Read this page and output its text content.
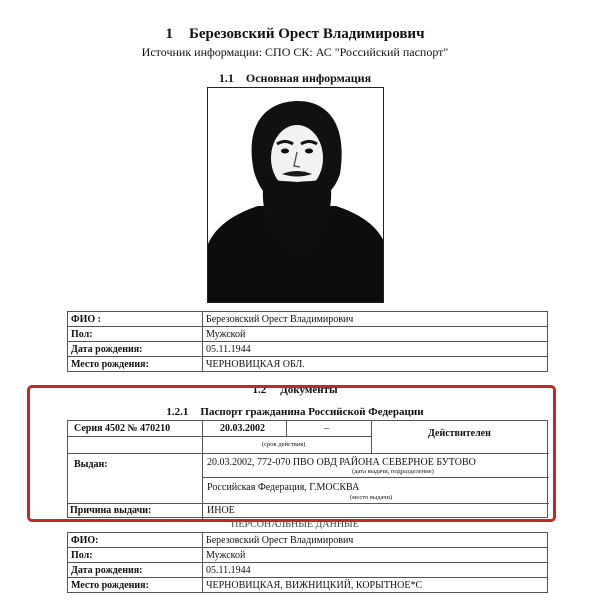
1 Березовский Орест Владимирович
Источник информации: СПО СК: АС "Российский паспорт"
1.1 Основная информация
ФИО :	Березовский Орест Владимирович
Пол:	Мужской
Дата рождения:	05.11.1944
Место рождения:	ЧЕРНОВИЦКАЯ ОБЛ.
1.2 Документы
1.2.1 Паспорт гражданина Российской Федерации
Серия 4502 № 470210	20.03.2002	–	Действителен
(срок действия)
Выдан:	20.03.2002, 772-070 ПВО ОВД РАЙОНА СЕВЕРНОЕ БУТОВО
(дата выдачи, подразделение)
Российская Федерация, Г.МОСКВА
(место выдачи)
Причина выдачи:	ИНОЕ
ПЕРСОНАЛЬНЫЕ ДАННЫЕ
ФИО:	Березовский Орест Владимирович
Пол:	Мужской
Дата рождения:	05.11.1944
Место рождения:	ЧЕРНОВИЦКАЯ, ВИЖНИЦКИЙ, КОРЫТНОЕ*С
